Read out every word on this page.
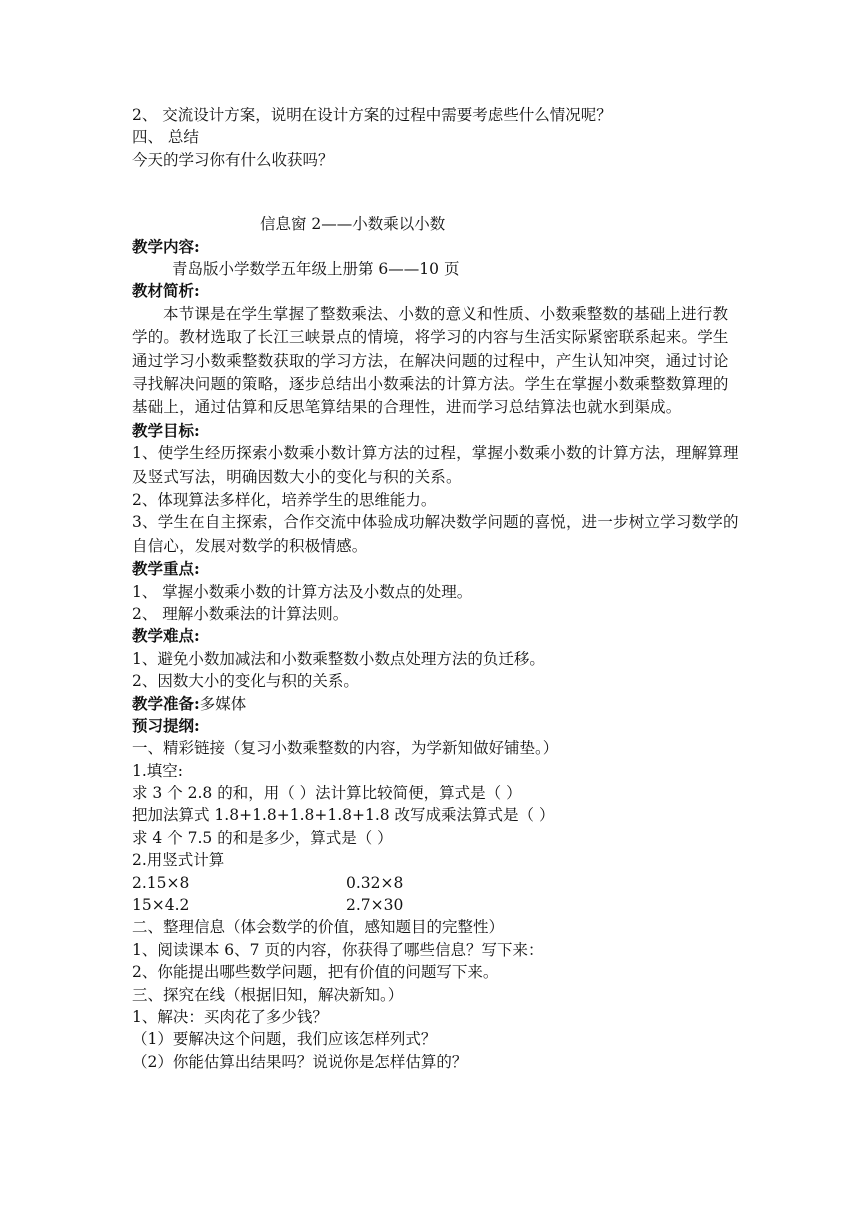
2、 交流设计方案，说明在设计方案的过程中需要考虑些什么情况呢？
四、 总结
今天的学习你有什么收获吗？
信息窗 2——小数乘以小数
教学内容:
青岛版小学数学五年级上册第 6——10 页
教材简析:
本节课是在学生掌握了整数乘法、小数的意义和性质、小数乘整数的基础上进行教学的。教材选取了长江三峡景点的情境，将学习的内容与生活实际紧密联系起来。学生通过学习小数乘整数获取的学习方法，在解决问题的过程中，产生认知冲突，通过讨论寻找解决问题的策略，逐步总结出小数乘法的计算方法。学生在掌握小数乘整数算理的基础上，通过估算和反思笔算结果的合理性，进而学习总结算法也就水到渠成。
教学目标:
1、使学生经历探索小数乘小数计算方法的过程，掌握小数乘小数的计算方法，理解算理及竖式写法，明确因数大小的变化与积的关系。
2、体现算法多样化，培养学生的思维能力。
3、学生在自主探索，合作交流中体验成功解决数学问题的喜悦，进一步树立学习数学的自信心，发展对数学的积极情感。
教学重点:
1、 掌握小数乘小数的计算方法及小数点的处理。
2、 理解小数乘法的计算法则。
教学难点:
1、避免小数加减法和小数乘整数小数点处理方法的负迁移。
2、因数大小的变化与积的关系。
教学准备:多媒体
预习提纲:
一、精彩链接（复习小数乘整数的内容，为学新知做好铺垫。）
1.填空:
求 3 个 2.8 的和，用（ ）法计算比较简便，算式是（ ）
把加法算式 1.8+1.8+1.8+1.8+1.8 改写成乘法算式是（ ）
求 4 个 7.5 的和是多少，算式是（ ）
2.用竖式计算
2.15×8	0.32×8
15×4.2	2.7×30
二、整理信息（体会数学的价值，感知题目的完整性）
1、阅读课本 6、7 页的内容，你获得了哪些信息？写下来：
2、你能提出哪些数学问题，把有价值的问题写下来。
三、探究在线（根据旧知，解决新知。）
1、解决：买肉花了多少钱？
（1）要解决这个问题，我们应该怎样列式？
（2）你能估算出结果吗？说说你是怎样估算的？
